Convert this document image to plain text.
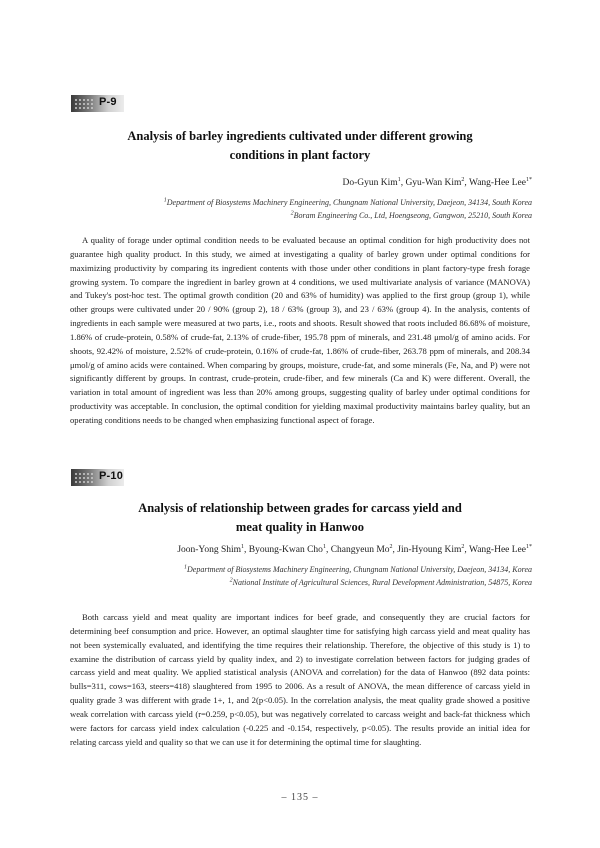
P-9
Analysis of barley ingredients cultivated under different growing
conditions in plant factory
Do-Gyun Kim$^1$, Gyu-Wan Kim$^2$, Wang-Hee Lee$^{1*}$
$^1$Department of Biosystems Machinery Engineering, Chungnam National University, Daejeon, 34134, South Korea
$^2$Boram Engineering Co., Ltd, Hoengseong, Gangwon, 25210, South Korea

A quality of forage under optimal condition needs to be evaluated because an optimal condition for high productivity does not guarantee high quality product. In this study, we aimed at investigating a quality of barley grown under optimal conditions for maximizing productivity by comparing its ingredient contents with those under other conditions in plant factory-type fresh forage growing system. To compare the ingredient in barley grown at 4 conditions, we used multivariate analysis of variance (MANOVA) and Tukey's post-hoc test. The optimal growth condition (20 and 63% of humidity) was applied to the first group (group 1), while other groups were cultivated under 20 / 90% (group 2), 18 / 63% (group 3), and 23 / 63% (group 4). In the analysis, contents of ingredients in each sample were measured at two parts, i.e., roots and shoots. Result showed that roots included 86.68% of moisture, 1.86% of crude-protein, 0.58% of crude-fat, 2.13% of crude-fiber, 195.78 ppm of minerals, and 231.48 μmol/g of amino acids. For shoots, 92.42% of moisture, 2.52% of crude-protein, 0.16% of crude-fat, 1.86% of crude-fiber, 263.78 ppm of minerals, and 208.34 μmol/g of amino acids were contained. When comparing by groups, moisture, crude-fat, and some minerals (Fe, Na, and P) were not significantly different by groups. In contrast, crude-protein, crude-fiber, and few minerals (Ca and K) were different. Overall, the variation in total amount of ingredient was less than 20% among groups, suggesting quality of barley under optimal conditions for productivity was acceptable. In conclusion, the optimal condition for yielding maximal productivity maintains barley quality, but an operating conditions needs to be changed when emphasizing functional aspect of forage.

P-10
Analysis of relationship between grades for carcass yield and
meat quality in Hanwoo
Joon-Yong Shim$^1$, Byoung-Kwan Cho$^1$, Changyeun Mo$^2$, Jin-Hyoung Kim$^2$, Wang-Hee Lee$^{1*}$
$^1$Department of Biosystems Machinery Engineering, Chungnam National University, Daejeon, 34134, Korea
$^2$National Institute of Agricultural Sciences, Rural Development Administration, 54875, Korea

Both carcass yield and meat quality are important indices for beef grade, and consequently they are crucial factors for determining beef consumption and price. However, an optimal slaughter time for satisfying high carcass yield and meat quality has not been systemically evaluated, and identifying the time requires their relationship. Therefore, the objective of this study is 1) to examine the distribution of carcass yield by quality index, and 2) to investigate correlation between factors for judging grades of carcass yield and meat quality. We applied statistical analysis (ANOVA and correlation) for the data of Hanwoo (892 data points: bulls=311, cows=163, steers=418) slaughtered from 1995 to 2006. As a result of ANOVA, the mean difference of carcass yield in quality grade 3 was different with grade 1+, 1, and 2(p<0.05). In the correlation analysis, the meat quality grade showed a positive weak correlation with carcass yield (r=0.259, p<0.05), but was negatively correlated to carcass weight and back-fat thickness which were factors for carcass yield index calculation (-0.225 and -0.154, respectively, p<0.05). The results provide an initial idea for relating carcass yield and quality so that we can use it for determining the optimal time for slaughting.

– 135 –
